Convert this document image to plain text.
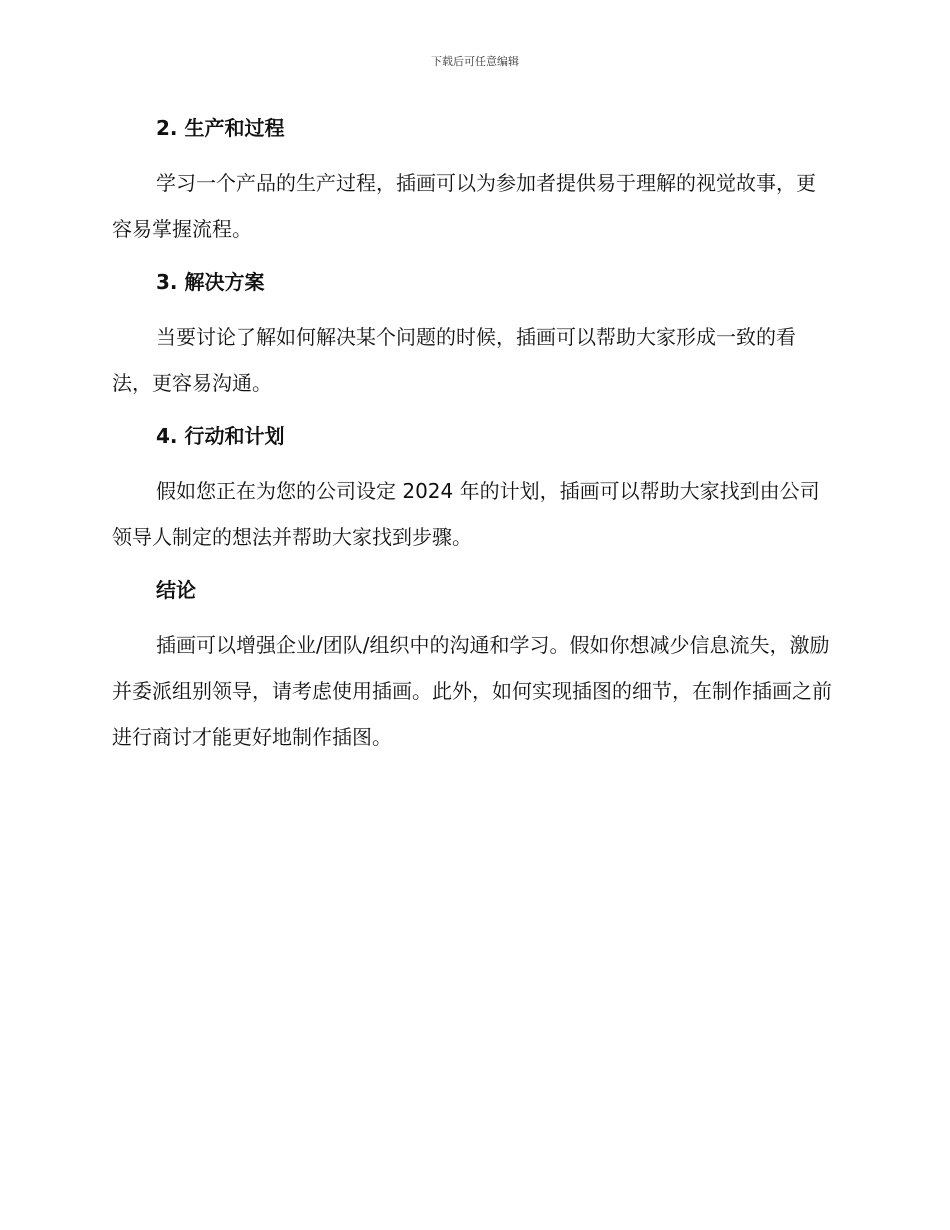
下载后可任意编辑
2. 生产和过程

学习一个产品的生产过程，插画可以为参加者提供易于理解的视觉故事，更容易掌握流程。

3. 解决方案

当要讨论了解如何解决某个问题的时候，插画可以帮助大家形成一致的看法，更容易沟通。

4. 行动和计划

假如您正在为您的公司设定 2024 年的计划，插画可以帮助大家找到由公司领导人制定的想法并帮助大家找到步骤。

结论

插画可以增强企业/团队/组织中的沟通和学习。假如你想减少信息流失，激励并委派组别领导，请考虑使用插画。此外，如何实现插图的细节，在制作插画之前进行商讨才能更好地制作插图。
